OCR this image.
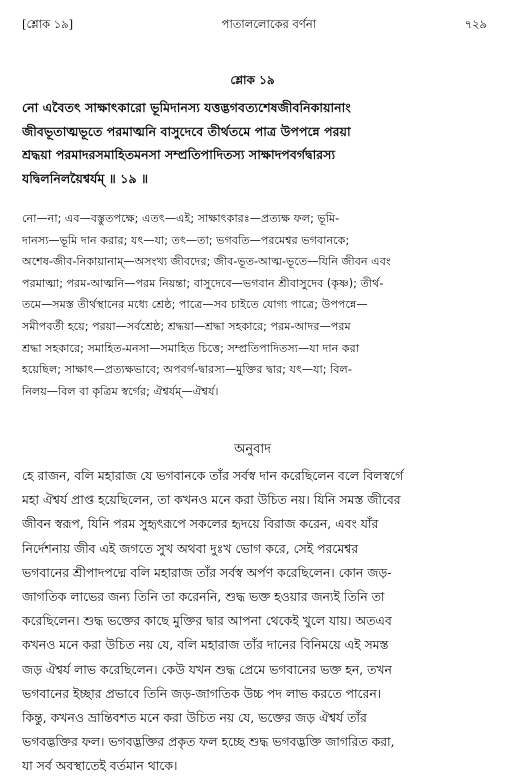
[শ্লোক ১৯]	পাতাললোকের বর্ণনা	৭২৯
শ্লোক ১৯
নো এবৈতৎ সাক্ষাৎকারো ভূমিদানস্য যত্তদ্ভগবত্যশেষজীবনিকায়ানাং
জীবভূতাত্মভূতে পরমাত্মনি বাসুদেবে তীর্থতমে পাত্র উপপন্নে পরয়া
শ্রদ্ধয়া পরমাদরসমাহিতমনসা সম্প্রতিপাদিতস্য সাক্ষাদপবর্গদ্বারস্য
যদ্বিলনিলয়ৈশ্বর্যম্ ॥ ১৯ ॥
নো—না; এব—বস্তুতপক্ষে; এতৎ—এই; সাক্ষাৎকারঃ—প্রত্যক্ষ ফল; ভূমি-
দানস্য—ভূমি দান করার; যৎ—যা; তৎ—তা; ভগবতি—পরমেশ্বর ভগবানকে;
অশেষ-জীব-নিকায়ানাম্—অসংখ্য জীবদের; জীব-ভূত-আত্ম-ভূতে—যিনি জীবন এবং
পরমাত্মা; পরম-আত্মনি—পরম নিয়ন্তা; বাসুদেবে—ভগবান শ্রীবাসুদেব (কৃষ্ণ); তীর্থ-
তমে—সমস্ত তীর্থস্থানের মধ্যে শ্রেষ্ঠ; পাত্রে—সব চাইতে যোগ্য পাত্রে; উপপন্নে—
সমীপবর্তী হয়ে; পরয়া—সর্বশ্রেষ্ঠ; শ্রদ্ধয়া—শ্রদ্ধা সহকারে; পরম-আদর—পরম
শ্রদ্ধা সহকারে; সমাহিত-মনসা—সমাহিত চিত্তে; সম্প্রতিপাদিতস্য—যা দান করা
হয়েছিল; সাক্ষাৎ—প্রত্যক্ষভাবে; অপবর্গ-দ্বারস্য—মুক্তির দ্বার; যৎ—যা; বিল-
নিলয়—বিল বা কৃত্রিম স্বর্গের; ঐশ্বর্যম্—ঐশ্বর্য।
অনুবাদ
হে রাজন, বলি মহারাজ যে ভগবানকে তাঁর সর্বস্ব দান করেছিলেন বলে বিলস্বর্গে
মহা ঐশ্বর্য প্রাপ্ত হয়েছিলেন, তা কখনও মনে করা উচিত নয়। যিনি সমস্ত জীবের
জীবন স্বরূপ, যিনি পরম সুহৃৎরূপে সকলের হৃদয়ে বিরাজ করেন, এবং যাঁর
নির্দেশনায় জীব এই জগতে সুখ অথবা দুঃখ ভোগ করে, সেই পরমেশ্বর
ভগবানের শ্রীপাদপদ্মে বলি মহারাজ তাঁর সর্বস্ব অর্পণ করেছিলেন। কোন জড়-
জাগতিক লাভের জন্য তিনি তা করেননি, শুদ্ধ ভক্ত হওয়ার জন্যই তিনি তা
করেছিলেন। শুদ্ধ ভক্তের কাছে মুক্তির দ্বার আপনা থেকেই খুলে যায়। অতএব
কখনও মনে করা উচিত নয় যে, বলি মহারাজ তাঁর দানের বিনিময়ে এই সমস্ত
জড় ঐশ্বর্য লাভ করেছিলেন। কেউ যখন শুদ্ধ প্রেমে ভগবানের ভক্ত হন, তখন
ভগবানের ইচ্ছার প্রভাবে তিনি জড়-জাগতিক উচ্চ পদ লাভ করতে পারেন।
কিন্তু, কখনও ভ্রান্তিবশত মনে করা উচিত নয় যে, ভক্তের জড় ঐশ্বর্য তাঁর
ভগবদ্ভক্তির ফল। ভগবদ্ভক্তির প্রকৃত ফল হচ্ছে শুদ্ধ ভগবদ্ভক্তি জাগরিত করা,
যা সর্ব অবস্থাতেই বর্তমান থাকে।
